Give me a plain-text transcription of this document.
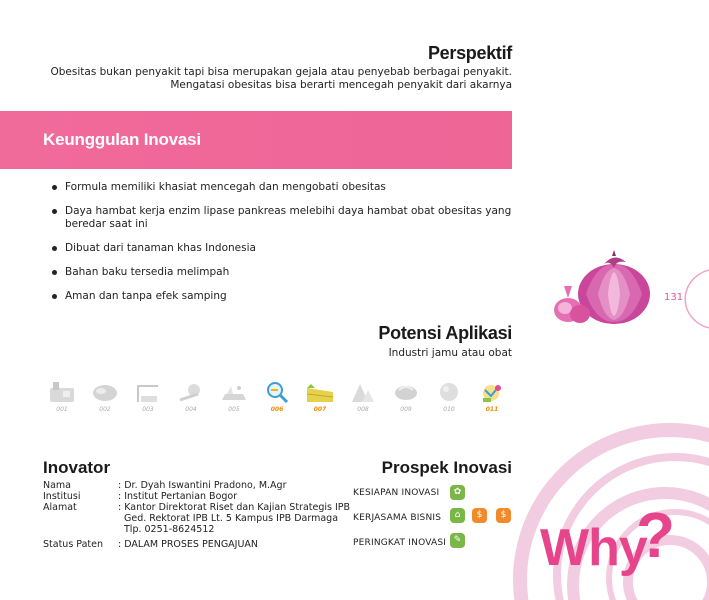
131
Perspektif
Obesitas bukan penyakit tapi bisa merupakan gejala atau penyebab berbagai penyakit. Mengatasi obesitas bisa berarti mencegah penyakit dari akarnya
Keunggulan Inovasi
Formula memiliki khasiat mencegah dan mengobati obesitas
Daya hambat kerja enzim lipase pankreas melebihi daya hambat obat obesitas yang beredar saat ini
Dibuat dari tanaman khas Indonesia
Bahan baku tersedia melimpah
Aman dan tanpa efek samping
Potensi Aplikasi
Industri jamu atau obat
001	002	003	004	005	006	007	008	009	010	011
Inovator
Nama	: Dr. Dyah Iswantini Pradono, M.Agr
Institusi	: Institut Pertanian Bogor
Alamat	: Kantor Direktorat Riset dan Kajian Strategis IPB
	Ged. Rektorat IPB Lt. 5 Kampus IPB Darmaga
	Tlp. 0251-8624512
Status Paten	: DALAM PROSES PENGAJUAN
Prospek Inovasi
KESIAPAN INOVASI	✿
KERJASAMA BISNIS	⌂	$	$
PERINGKAT INOVASI ✎ Why
?
